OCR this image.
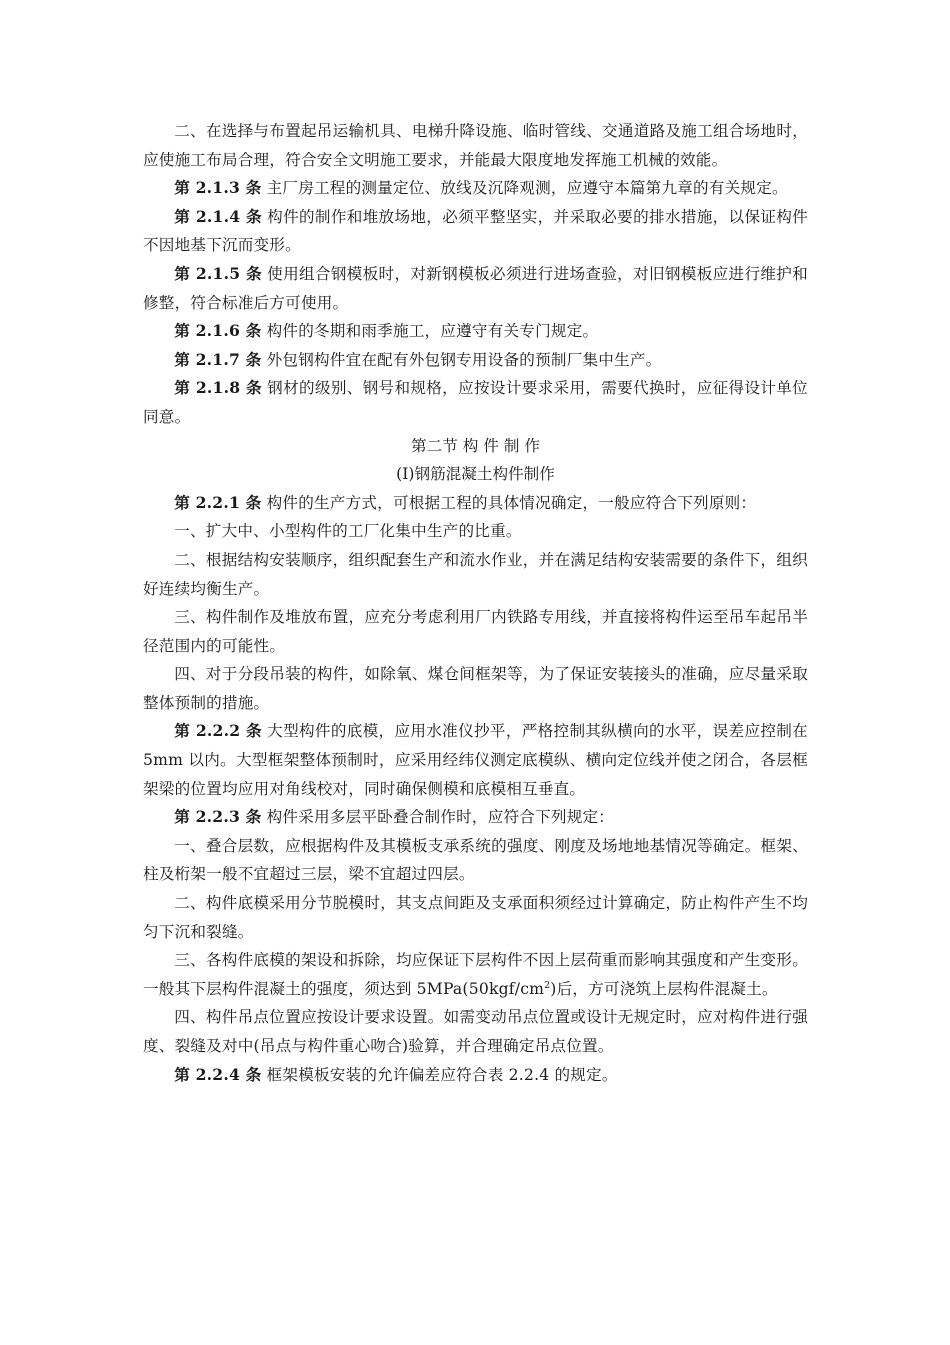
二、在选择与布置起吊运输机具、电梯升降设施、临时管线、交通道路及施工组合场地时，应使施工布局合理，符合安全文明施工要求，并能最大限度地发挥施工机械的效能。

第 2.1.3 条 主厂房工程的测量定位、放线及沉降观测，应遵守本篇第九章的有关规定。

第 2.1.4 条 构件的制作和堆放场地，必须平整坚实，并采取必要的排水措施，以保证构件不因地基下沉而变形。

第 2.1.5 条 使用组合钢模板时，对新钢模板必须进行进场查验，对旧钢模板应进行维护和修整，符合标准后方可使用。

第 2.1.6 条 构件的冬期和雨季施工，应遵守有关专门规定。

第 2.1.7 条 外包钢构件宜在配有外包钢专用设备的预制厂集中生产。

第 2.1.8 条 钢材的级别、钢号和规格，应按设计要求采用，需要代换时，应征得设计单位同意。

第二节 构 件 制 作

(Ⅰ)钢筋混凝土构件制作

第 2.2.1 条 构件的生产方式，可根据工程的具体情况确定，一般应符合下列原则：

一、扩大中、小型构件的工厂化集中生产的比重。

二、根据结构安装顺序，组织配套生产和流水作业，并在满足结构安装需要的条件下，组织好连续均衡生产。

三、构件制作及堆放布置，应充分考虑利用厂内铁路专用线，并直接将构件运至吊车起吊半径范围内的可能性。

四、对于分段吊装的构件，如除氧、煤仓间框架等，为了保证安装接头的准确，应尽量采取整体预制的措施。

第 2.2.2 条 大型构件的底模，应用水准仪抄平，严格控制其纵横向的水平，误差应控制在 5mm 以内。大型框架整体预制时，应采用经纬仪测定底模纵、横向定位线并使之闭合，各层框架梁的位置均应用对角线校对，同时确保侧模和底模相互垂直。

第 2.2.3 条 构件采用多层平卧叠合制作时，应符合下列规定：

一、叠合层数，应根据构件及其模板支承系统的强度、刚度及场地地基情况等确定。框架、柱及桁架一般不宜超过三层，梁不宜超过四层。

二、构件底模采用分节脱模时，其支点间距及支承面积须经过计算确定，防止构件产生不均匀下沉和裂缝。

三、各构件底模的架设和拆除，均应保证下层构件不因上层荷重而影响其强度和产生变形。一般其下层构件混凝土的强度，须达到 $5MPa(50kgf/cm^2)$后，方可浇筑上层构件混凝土。

四、构件吊点位置应按设计要求设置。如需变动吊点位置或设计无规定时，应对构件进行强度、裂缝及对中(吊点与构件重心吻合)验算，并合理确定吊点位置。

第 2.2.4 条 框架模板安装的允许偏差应符合表 2.2.4 的规定。
